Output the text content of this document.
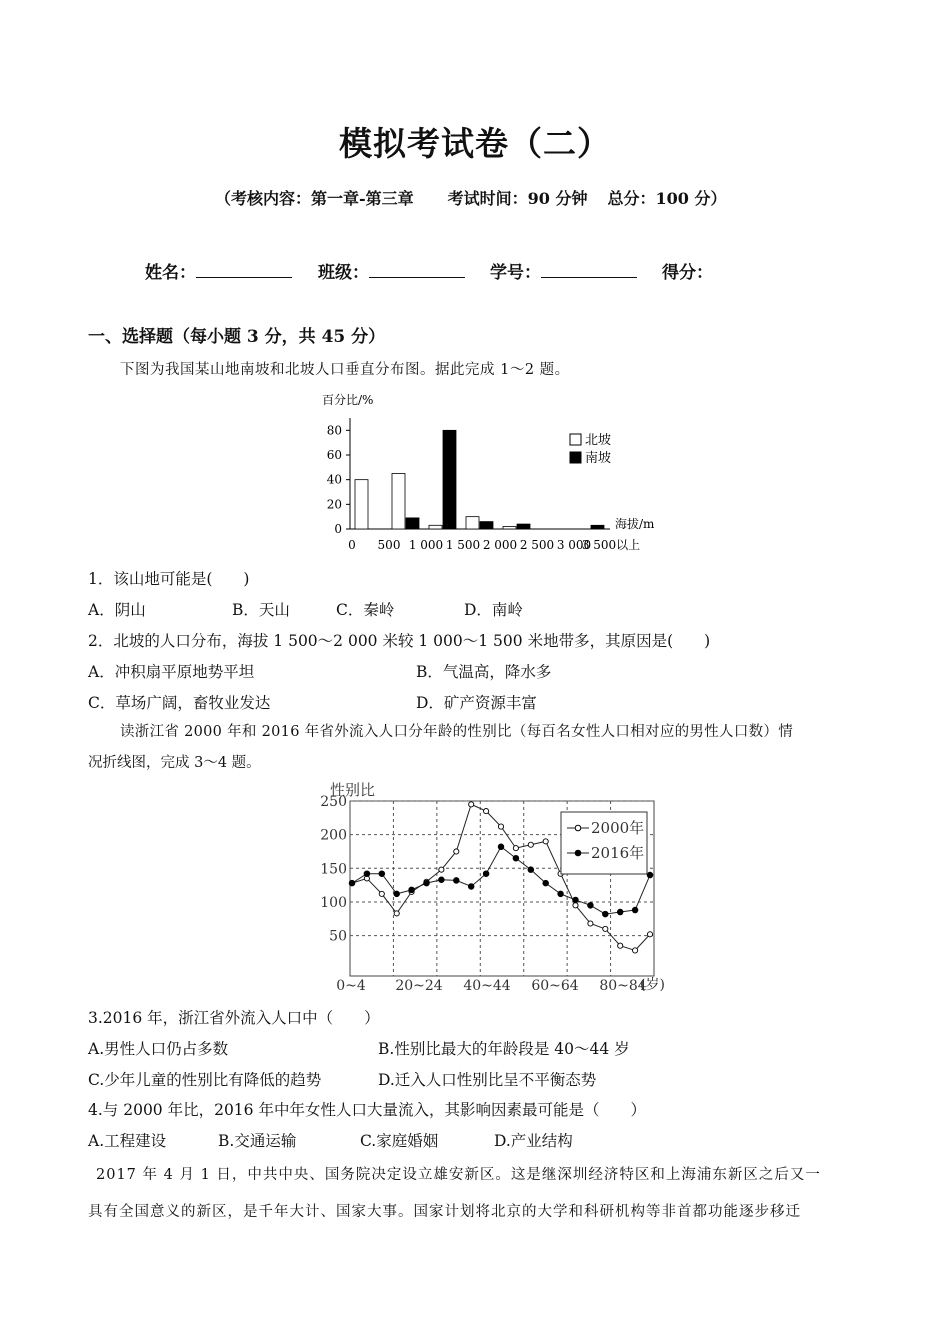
模拟考试卷（二）
（考核内容：第一章-第三章 考试时间：90 分钟 总分：100 分）
姓名：	班级：	学号：	得分：
一、选择题（每小题 3 分，共 45 分）
下图为我国某山地南坡和北坡人口垂直分布图。据此完成 1～2 题。
百分比/%
80
60
40
20
0
0 500 1 000 1 500 2 000 2 500 3 000
3 500以上
海拔/m
北坡
南坡
1．该山地可能是(　　)
A．阴山	B．天山	C．秦岭	D．南岭
2．北坡的人口分布，海拔 1 500～2 000 米较 1 000～1 500 米地带多，其原因是(　　)
A．冲积扇平原地势平坦	B．气温高，降水多
C．草场广阔，畜牧业发达	D．矿产资源丰富
读浙江省 2000 年和 2016 年省外流入人口分年龄的性别比（每百名女性人口相对应的男性人口数）情
况折线图，完成 3～4 题。
性别比
250
200
150
100
50
0~4 20~24 40~44 60~64 80~84
(岁)
2000年
2016年
3.2016 年，浙江省外流入人口中（　　）
A.男性人口仍占多数	B.性别比最大的年龄段是 40～44 岁
C.少年儿童的性别比有降低的趋势	D.迁入人口性别比呈不平衡态势
4.与 2000 年比，2016 年中年女性人口大量流入，其影响因素最可能是（　　）
A.工程建设	B.交通运输	C.家庭婚姻	D.产业结构
2017 年 4 月 1 日，中共中央、国务院决定设立雄安新区。这是继深圳经济特区和上海浦东新区之后又一
具有全国意义的新区，是千年大计、国家大事。国家计划将北京的大学和科研机构等非首都功能逐步移迁
